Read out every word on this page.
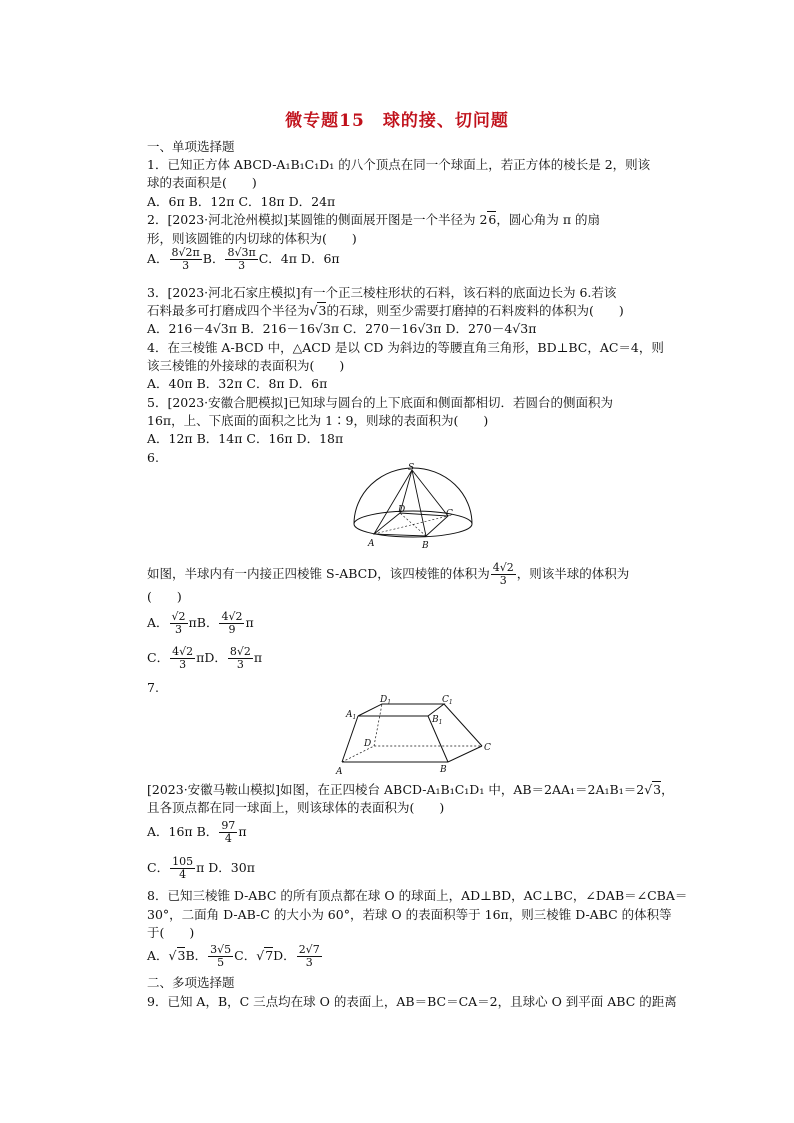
微专题15　球的接、切问题
一、单项选择题
1．已知正方体 ABCD-A₁B₁C₁D₁ 的八个顶点在同一个球面上，若正方体的棱长是 2，则该
球的表面积是(　　)
A．6π B．12π C．18π D．24π
2．[2023·河北沧州模拟]某圆锥的侧面展开图是一个半径为 26，圆心角为 π 的扇
形，则该圆锥的内切球的体积为(　　)
A． $\frac{8√2\pi}{3}$ B． $\frac{8√3\pi}{3}$ C．4π D．6π
3．[2023·河北石家庄模拟]有一个正三棱柱形状的石料，该石料的底面边长为 6.若该
石料最多可打磨成四个半径为√3的石球，则至少需要打磨掉的石料废料的体积为(　　)
A．216－4√3π B．216－16√3π C．270－16√3π D．270－4√3π
4．在三棱锥 A-BCD 中，△ACD 是以 CD 为斜边的等腰直角三角形，BD⊥BC，AC＝4，则
该三棱锥的外接球的表面积为(　　)
A．40π B．32π C．8π D．6π
5．[2023·安徽合肥模拟]已知球与圆台的上下底面和侧面都相切．若圆台的侧面积为
16π，上、下底面的面积之比为 1∶9，则球的表面积为(　　)
A．12π B．14π C．16π D．18π
6.
S
A	B
C
D
如图，半球内有一内接正四棱锥 S-ABCD，该四棱锥的体积为 $\frac{4√2}{3}$ ，则该半球的体积为
(　　)
A． $\frac{√2}{3}$ πB． $\frac{4√2}{9}$ π
C． $\frac{4√2}{3}$ πD． $\frac{8√2}{3}$ π
7.
$D_1$	$C_1$
$A_1$	$B_1$
D	C
A	B
[2023·安徽马鞍山模拟]如图，在正四棱台 ABCD-A₁B₁C₁D₁ 中，AB＝2AA₁＝2A₁B₁＝2√3，
且各顶点都在同一球面上，则该球体的表面积为(　　)
A．16π B． $\frac{97}{4}$ π
C． $\frac{105}{4}$ π D．30π
8．已知三棱锥 D-ABC 的所有顶点都在球 O 的球面上，AD⊥BD，AC⊥BC，∠DAB＝∠CBA＝
30°，二面角 D-AB-C 的大小为 60°，若球 O 的表面积等于 16π，则三棱锥 D-ABC 的体积等
于(　　)
A．√3B． $\frac{3√5}{5}$ C．√7D． $\frac{2√7}{3}$
二、多项选择题
9．已知 A，B，C 三点均在球 O 的表面上，AB＝BC＝CA＝2，且球心 O 到平面 ABC 的距离
